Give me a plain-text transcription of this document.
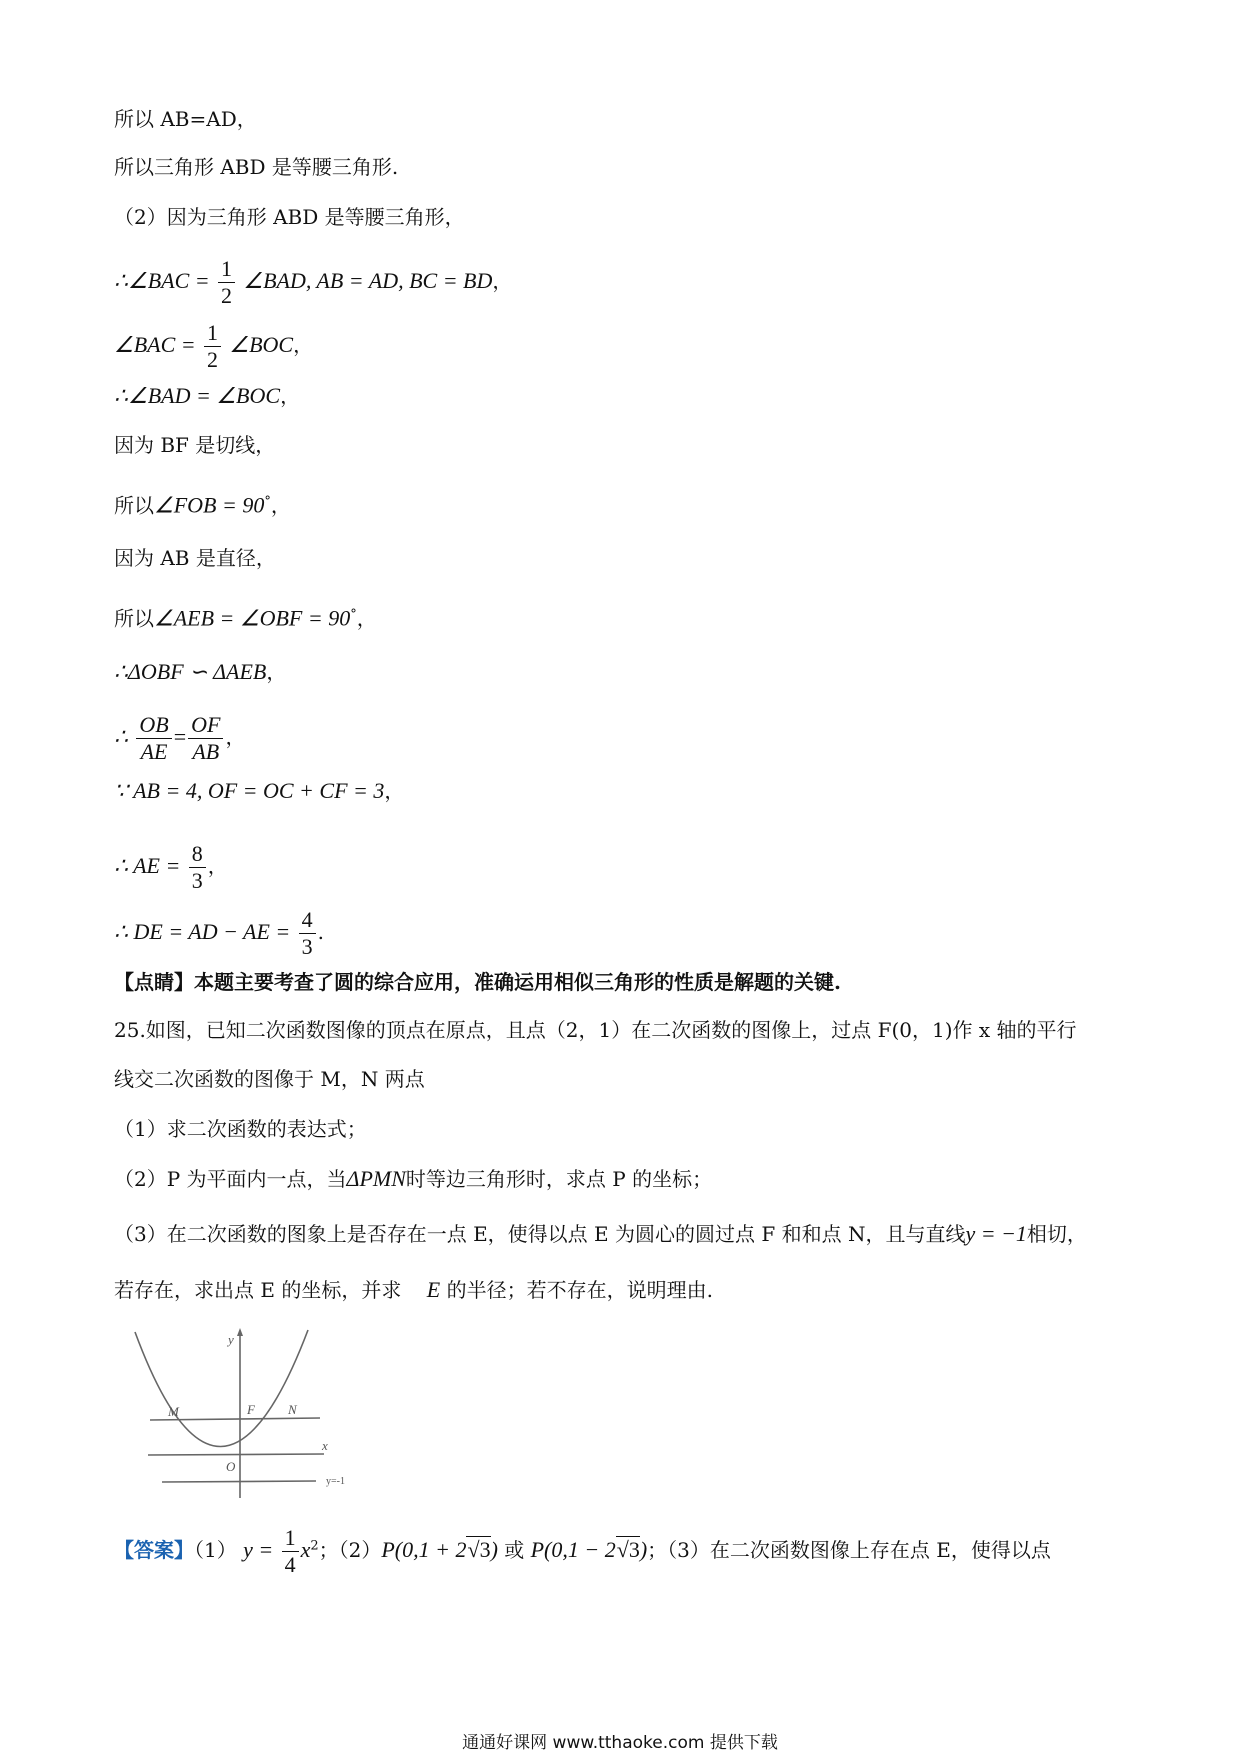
所以 AB=AD，
所以三角形 ABD 是等腰三角形.
（2）因为三角形 ABD 是等腰三角形，
∴∠BAC = $\frac{1}{2}$ ∠BAD, AB = AD, BC = BD，
∠BAC = $\frac{1}{2}$ ∠BOC，
∴∠BAD = ∠BOC，
因为 BF 是切线，
所以∠FOB = 90°，
因为 AB 是直径，
所以∠AEB = ∠OBF = 90°，
∴ΔOBF ∽ ΔAEB，
∴ $\frac{OB}{AE} = \frac{OF}{AB}$ ，
∵ AB = 4, OF = OC + CF = 3，
∴ AE = $\frac{8}{3}$ ，
∴ DE = AD − AE = $\frac{4}{3}$ .
【点睛】本题主要考查了圆的综合应用，准确运用相似三角形的性质是解题的关键.
25.如图，已知二次函数图像的顶点在原点，且点（2，1）在二次函数的图像上，过点 F(0，1)作 x 轴的平行
线交二次函数的图像于 M，N 两点
（1）求二次函数的表达式；
（2）P 为平面内一点，当ΔPMN时等边三角形时，求点 P 的坐标；
（3）在二次函数的图象上是否存在一点 E，使得以点 E 为圆心的圆过点 F 和和点 N，且与直线y = −1相切，
若存在，求出点 E 的坐标，并求 E 的半径；若不存在，说明理由.
y
x
M	F	N
O
y=-1
【答案】（1） $y = \frac{1}{4} x^2$；（2）P(0,1 + 2√3) 或 P(0,1 − 2√3)；（3）在二次函数图像上存在点 E，使得以点
通通好课网 www.tthaoke.com 提供下载
